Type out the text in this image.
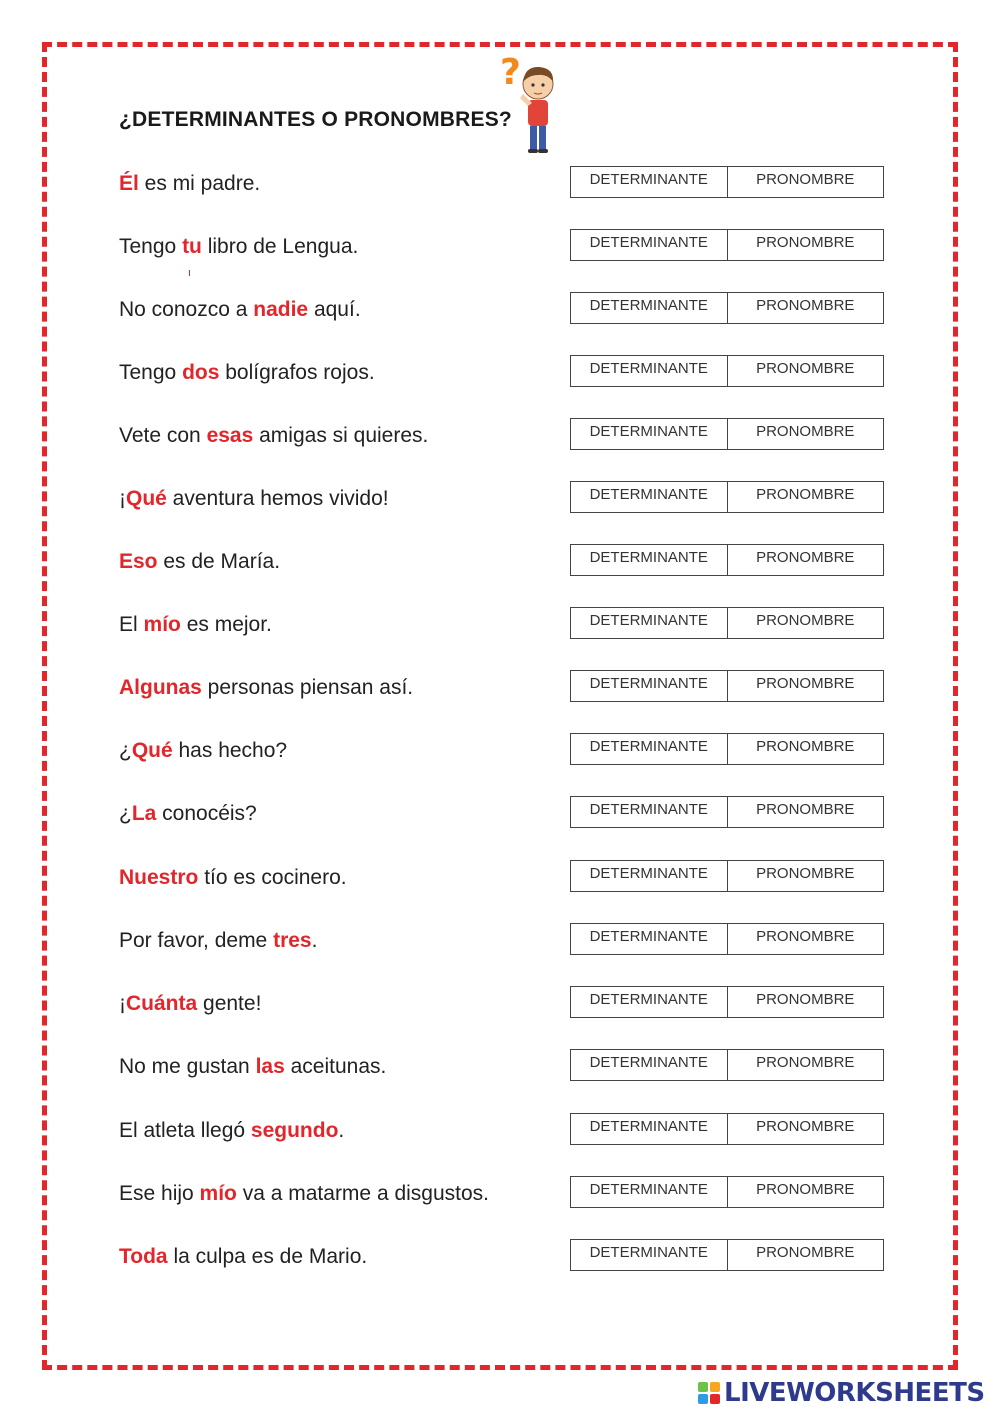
¿DETERMINANTES O PRONOMBRES?
?
Él es mi padre.	DETERMINANTE	PRONOMBRE
Tengo tu libro de Lengua.	DETERMINANTE	PRONOMBRE
No conozco a nadie aquí.	DETERMINANTE	PRONOMBRE
Tengo dos bolígrafos rojos.	DETERMINANTE	PRONOMBRE
Vete con esas amigas si quieres.	DETERMINANTE	PRONOMBRE
¡Qué aventura hemos vivido!	DETERMINANTE	PRONOMBRE
Eso es de María.	DETERMINANTE	PRONOMBRE
El mío es mejor.	DETERMINANTE	PRONOMBRE
Algunas personas piensan así.	DETERMINANTE	PRONOMBRE
¿Qué has hecho?	DETERMINANTE	PRONOMBRE
¿La conocéis?	DETERMINANTE	PRONOMBRE
Nuestro tío es cocinero.	DETERMINANTE	PRONOMBRE
Por favor, deme tres.	DETERMINANTE	PRONOMBRE
¡Cuánta gente!	DETERMINANTE	PRONOMBRE
No me gustan las aceitunas.	DETERMINANTE	PRONOMBRE
El atleta llegó segundo.	DETERMINANTE	PRONOMBRE
Ese hijo mío va a matarme a disgustos.	DETERMINANTE	PRONOMBRE
Toda la culpa es de Mario.	DETERMINANTE	PRONOMBRE
LIVEWORKSHEETS
